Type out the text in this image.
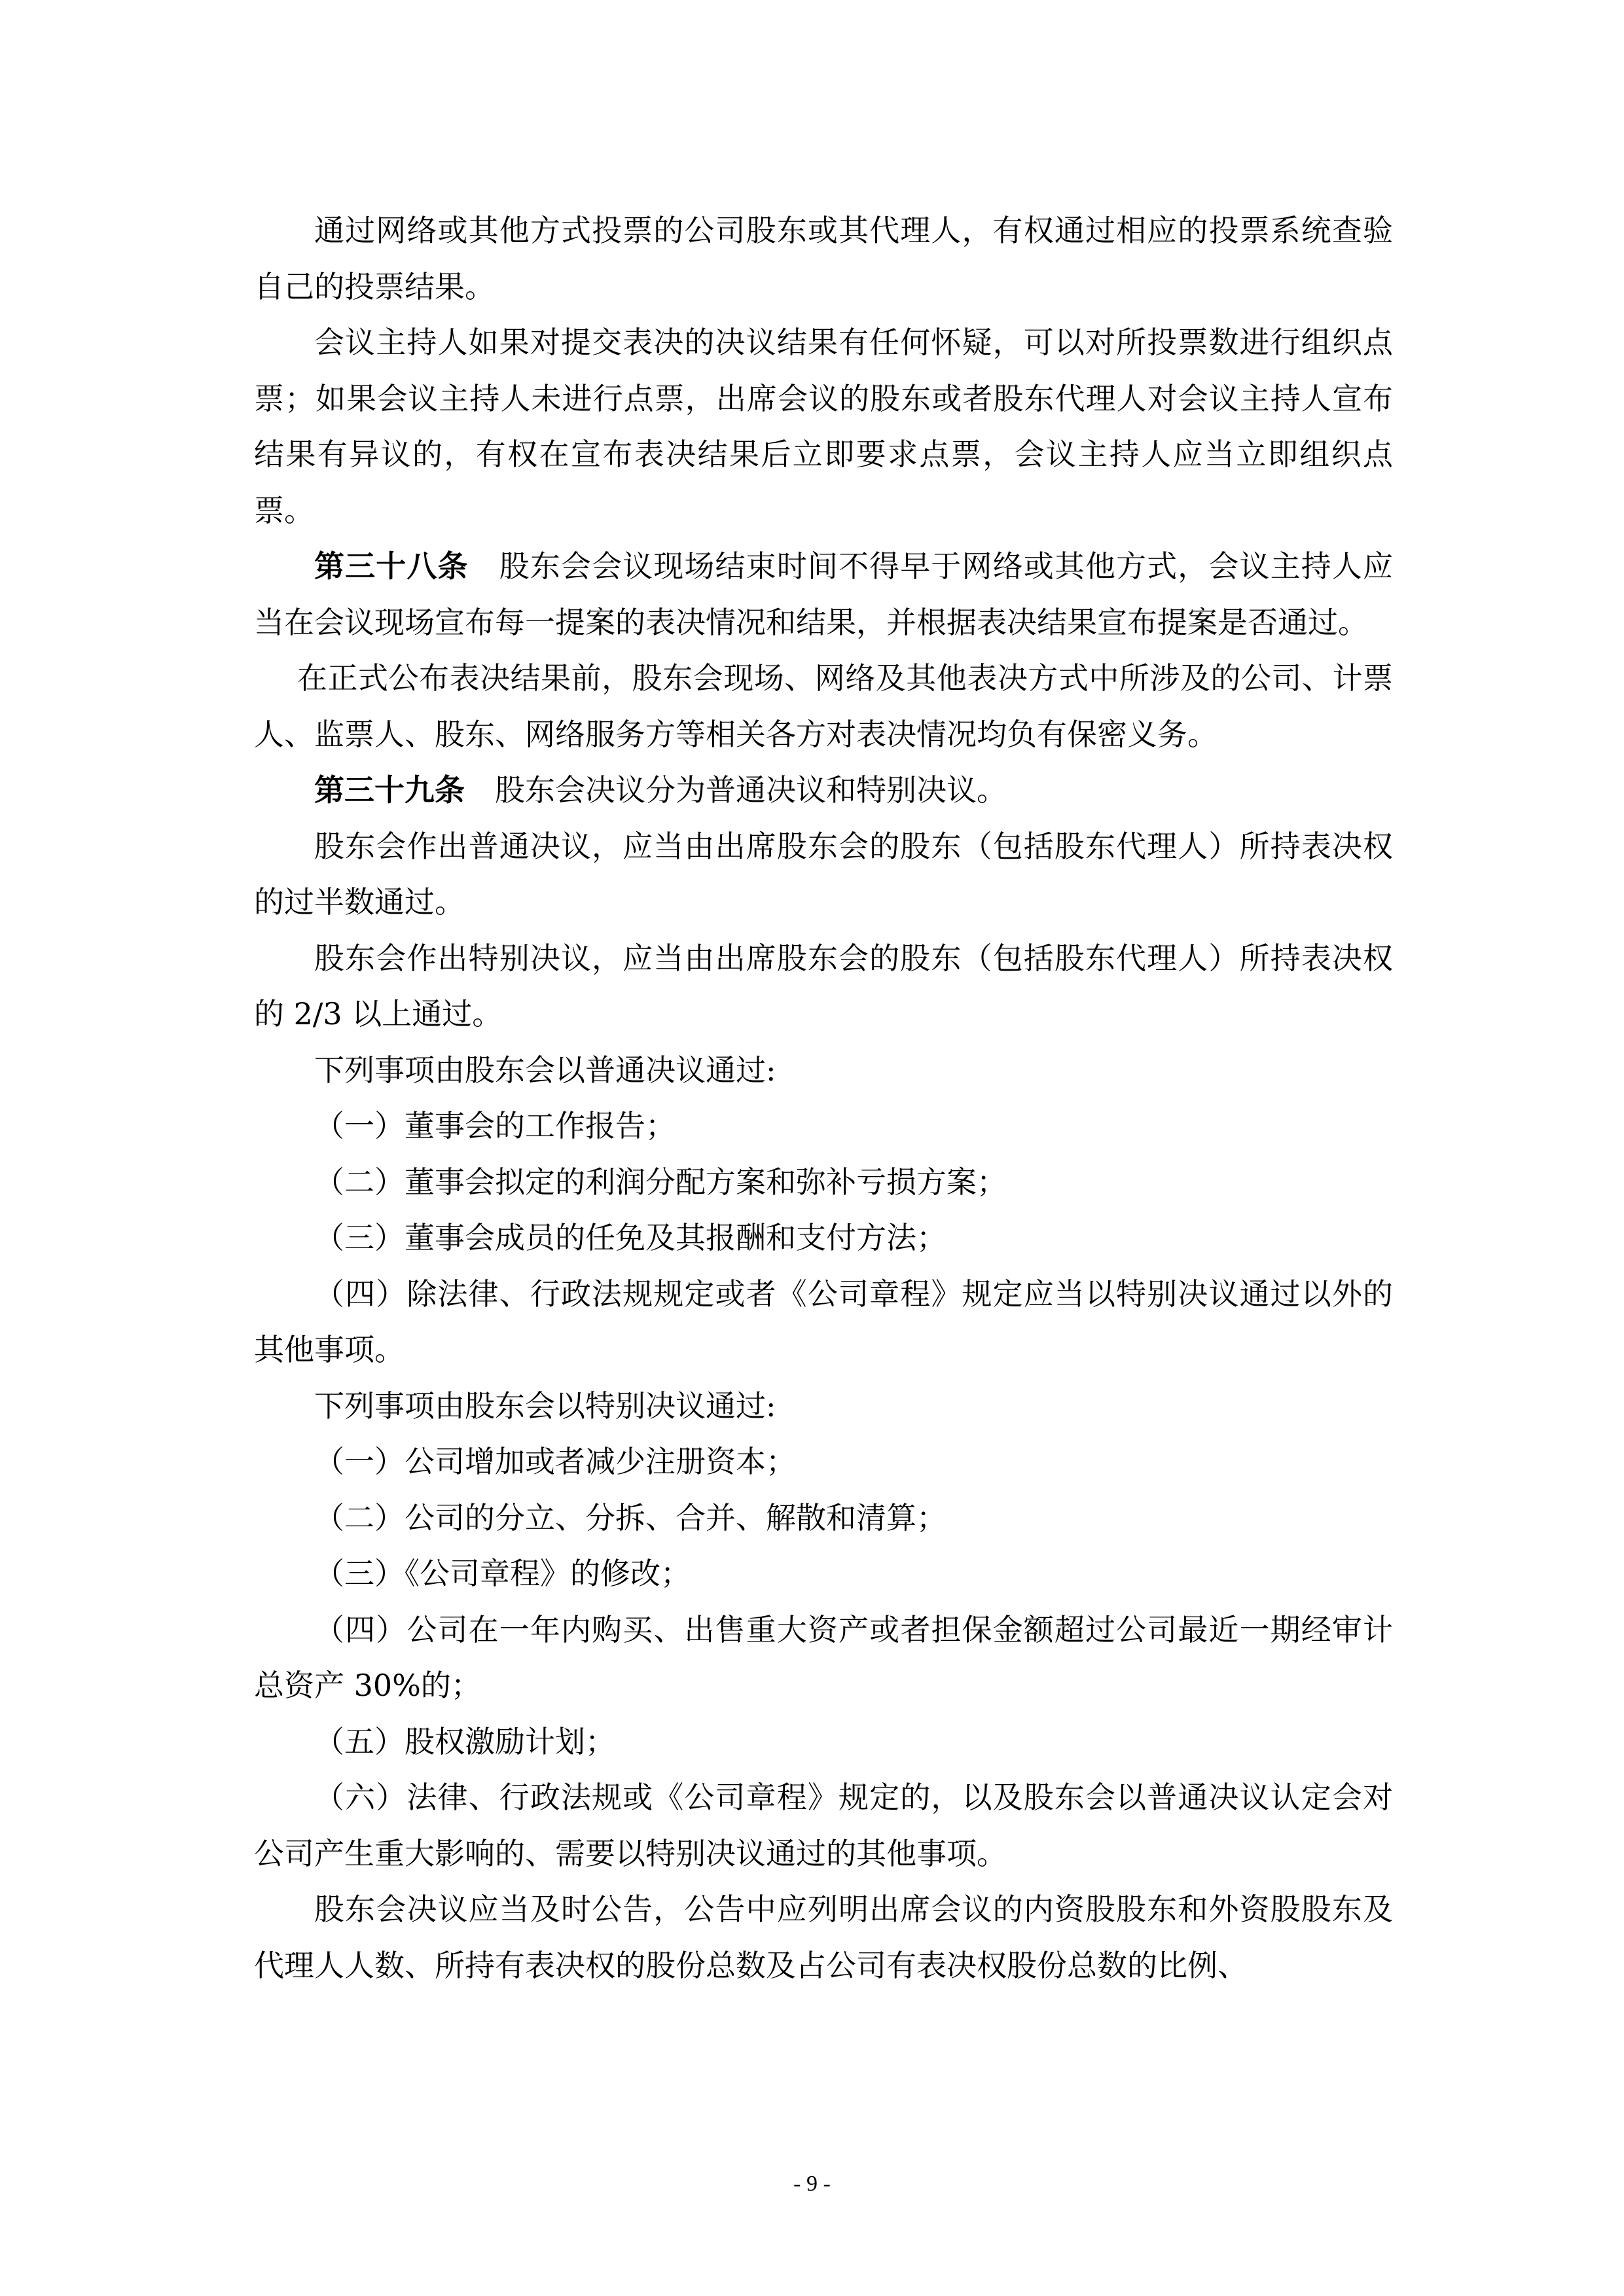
通过网络或其他方式投票的公司股东或其代理人，有权通过相应的投票系统查验自己的投票结果。

会议主持人如果对提交表决的决议结果有任何怀疑，可以对所投票数进行组织点票；如果会议主持人未进行点票，出席会议的股东或者股东代理人对会议主持人宣布结果有异议的，有权在宣布表决结果后立即要求点票，会议主持人应当立即组织点票。

第三十八条  股东会会议现场结束时间不得早于网络或其他方式，会议主持人应当在会议现场宣布每一提案的表决情况和结果，并根据表决结果宣布提案是否通过。

在正式公布表决结果前，股东会现场、网络及其他表决方式中所涉及的公司、计票人、监票人、股东、网络服务方等相关各方对表决情况均负有保密义务。

第三十九条  股东会决议分为普通决议和特别决议。

股东会作出普通决议，应当由出席股东会的股东（包括股东代理人）所持表决权的过半数通过。

股东会作出特别决议，应当由出席股东会的股东（包括股东代理人）所持表决权的 2/3 以上通过。

下列事项由股东会以普通决议通过:

（一）董事会的工作报告；

（二）董事会拟定的利润分配方案和弥补亏损方案；

（三）董事会成员的任免及其报酬和支付方法；

（四）除法律、行政法规规定或者《公司章程》规定应当以特别决议通过以外的其他事项。

下列事项由股东会以特别决议通过:

（一）公司增加或者减少注册资本；

（二）公司的分立、分拆、合并、解散和清算；

（三）《公司章程》的修改；

（四）公司在一年内购买、出售重大资产或者担保金额超过公司最近一期经审计总资产 30%的；

（五）股权激励计划；

（六）法律、行政法规或《公司章程》规定的，以及股东会以普通决议认定会对公司产生重大影响的、需要以特别决议通过的其他事项。

股东会决议应当及时公告，公告中应列明出席会议的内资股股东和外资股股东及代理人人数、所持有表决权的股份总数及占公司有表决权股份总数的比例、

- 9 -
